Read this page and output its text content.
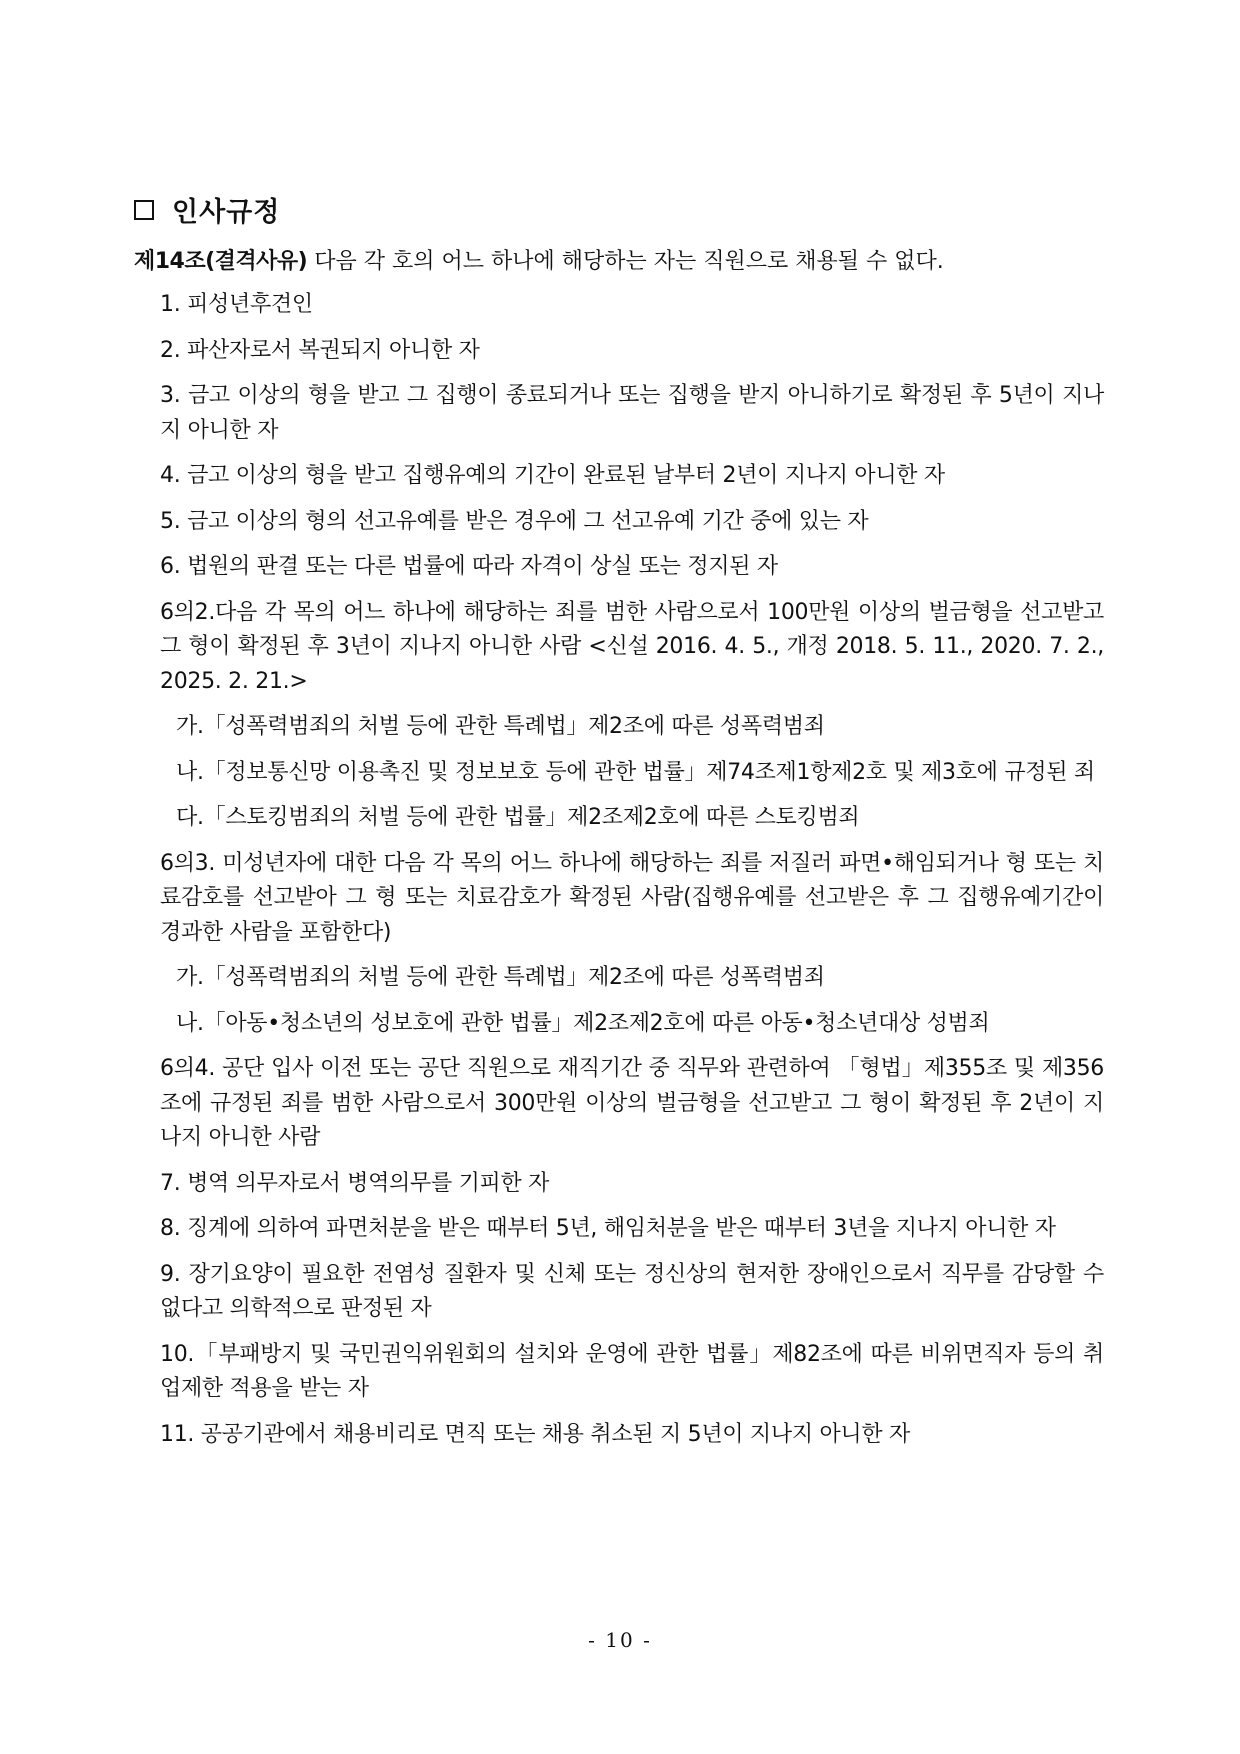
인사규정
제14조(결격사유) 다음 각 호의 어느 하나에 해당하는 자는 직원으로 채용될 수 없다.

1. 피성년후견인

2. 파산자로서 복권되지 아니한 자

3. 금고 이상의 형을 받고 그 집행이 종료되거나 또는 집행을 받지 아니하기로 확정된 후 5년이 지나지 아니한 자

4. 금고 이상의 형을 받고 집행유예의 기간이 완료된 날부터 2년이 지나지 아니한 자

5. 금고 이상의 형의 선고유예를 받은 경우에 그 선고유예 기간 중에 있는 자

6. 법원의 판결 또는 다른 법률에 따라 자격이 상실 또는 정지된 자

6의2.다음 각 목의 어느 하나에 해당하는 죄를 범한 사람으로서 100만원 이상의 벌금형을 선고받고 그 형이 확정된 후 3년이 지나지 아니한 사람 <신설 2016. 4. 5., 개정 2018. 5. 11., 2020. 7. 2., 2025. 2. 21.>

가.「성폭력범죄의 처벌 등에 관한 특례법」제2조에 따른 성폭력범죄

나.「정보통신망 이용촉진 및 정보보호 등에 관한 법률」제74조제1항제2호 및 제3호에 규정된 죄

다.「스토킹범죄의 처벌 등에 관한 법률」제2조제2호에 따른 스토킹범죄

6의3. 미성년자에 대한 다음 각 목의 어느 하나에 해당하는 죄를 저질러 파면•해임되거나 형 또는 치료감호를 선고받아 그 형 또는 치료감호가 확정된 사람(집행유예를 선고받은 후 그 집행유예기간이 경과한 사람을 포함한다)

가.「성폭력범죄의 처벌 등에 관한 특례법」제2조에 따른 성폭력범죄

나.「아동•청소년의 성보호에 관한 법률」제2조제2호에 따른 아동•청소년대상 성범죄

6의4. 공단 입사 이전 또는 공단 직원으로 재직기간 중 직무와 관련하여 「형법」제355조 및 제356조에 규정된 죄를 범한 사람으로서 300만원 이상의 벌금형을 선고받고 그 형이 확정된 후 2년이 지나지 아니한 사람

7. 병역 의무자로서 병역의무를 기피한 자

8. 징계에 의하여 파면처분을 받은 때부터 5년, 해임처분을 받은 때부터 3년을 지나지 아니한 자

9. 장기요양이 필요한 전염성 질환자 및 신체 또는 정신상의 현저한 장애인으로서 직무를 감당할 수 없다고 의학적으로 판정된 자

10.「부패방지 및 국민권익위원회의 설치와 운영에 관한 법률」제82조에 따른 비위면직자 등의 취업제한 적용을 받는 자

11. 공공기관에서 채용비리로 면직 또는 채용 취소된 지 5년이 지나지 아니한 자

- 10 -
